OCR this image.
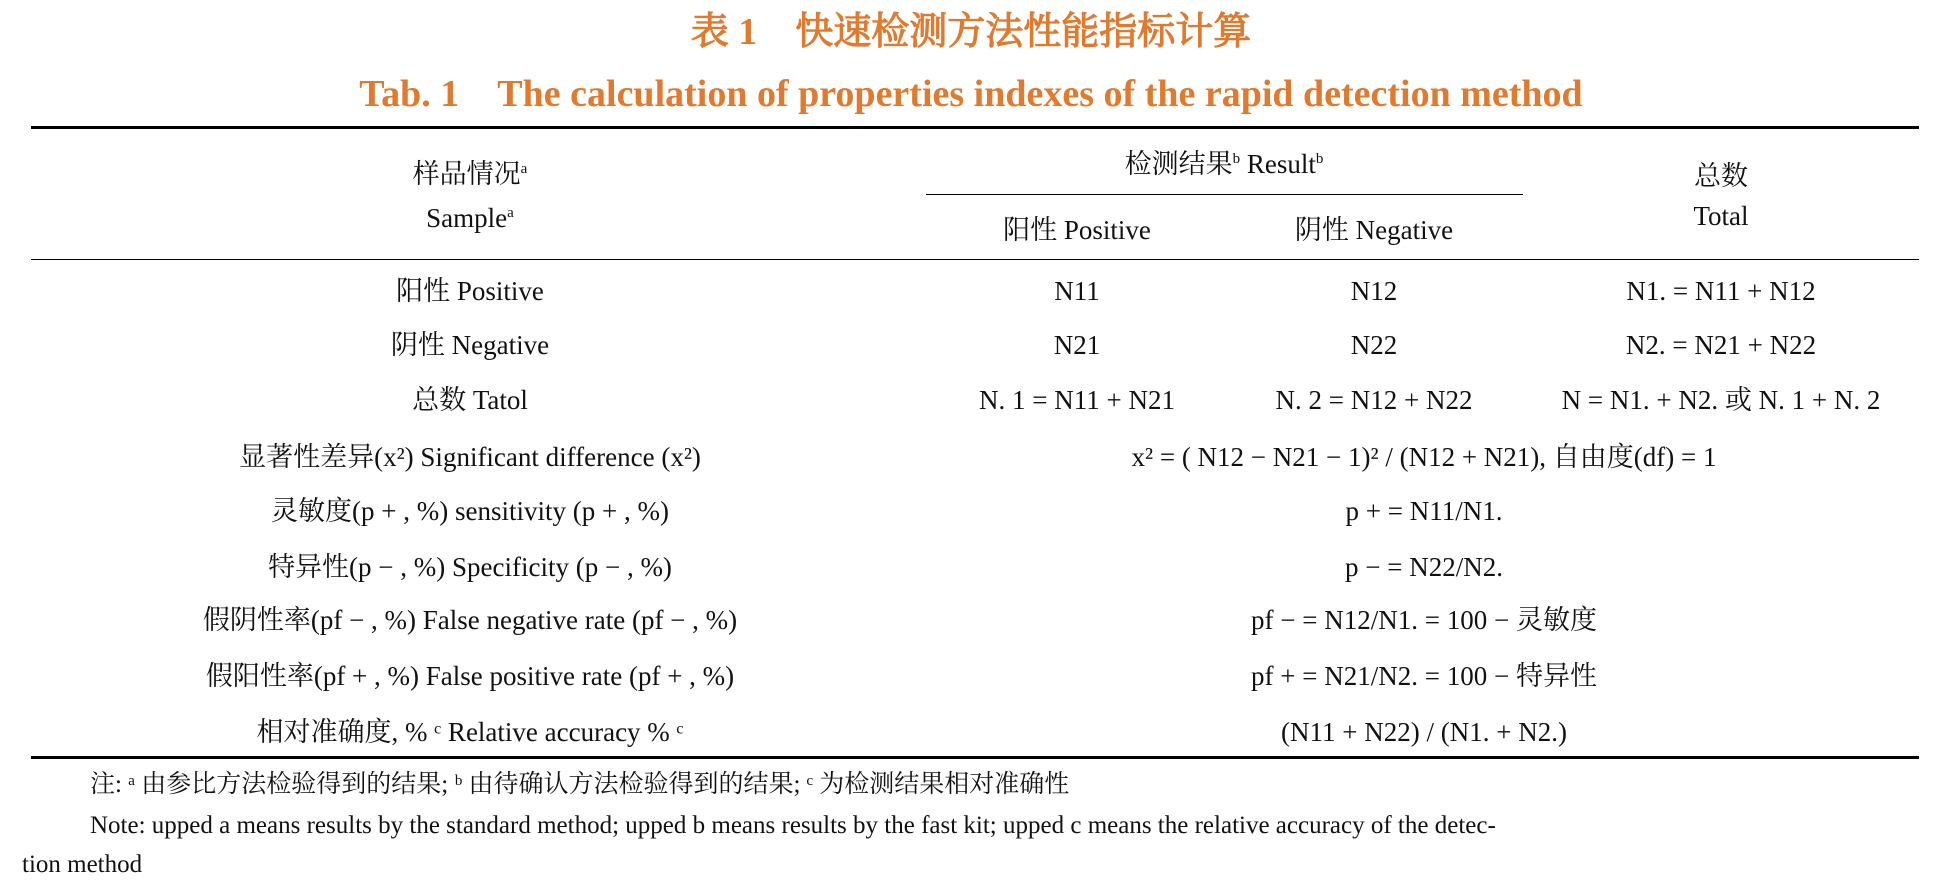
表 1　快速检测方法性能指标计算
Tab. 1　The calculation of properties indexes of the rapid detection method
样品情况$^a$
Sample$^a$
检测结果$^b$ Result$^b$
阳性 Positive	阴性 Negative
总数
Total
阳性 Positive	N11	N12	N1. = N11 + N12
阴性 Negative	N21	N22	N2. = N21 + N22
总数 Tatol	N. 1 = N11 + N21	N. 2 = N12 + N22	N = N1. + N2. 或 N. 1 + N. 2
显著性差异(x²) Significant difference (x²)	x² = ( N12 − N21 − 1)² / (N12 + N21), 自由度(df) = 1
灵敏度(p + , %) sensitivity (p + , %)	p + = N11/N1.
特异性(p − , %) Specificity (p − , %)	p − = N22/N2.
假阴性率(pf − , %) False negative rate (pf − , %)	pf − = N12/N1. = 100 − 灵敏度
假阳性率(pf + , %) False positive rate (pf + , %)	pf + = N21/N2. = 100 − 特异性
相对准确度, % ᶜ Relative accuracy % ᶜ	(N11 + N22) / (N1. + N2.)
注: ᵃ 由参比方法检验得到的结果; ᵇ 由待确认方法检验得到的结果; ᶜ 为检测结果相对准确性
Note: upped a means results by the standard method; upped b means results by the fast kit; upped c means the relative accuracy of the detec-
tion method
